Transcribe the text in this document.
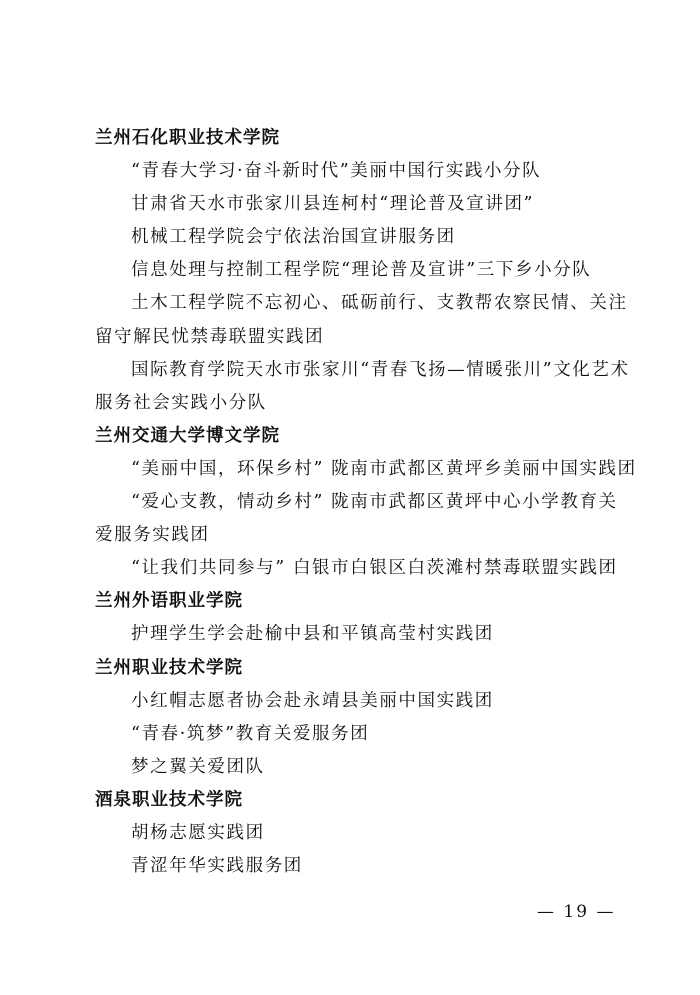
兰州石化职业技术学院
“青春大学习·奋斗新时代”美丽中国行实践小分队
甘肃省天水市张家川县连柯村“理论普及宣讲团”
机械工程学院会宁依法治国宣讲服务团
信息处理与控制工程学院“理论普及宣讲”三下乡小分队
土木工程学院不忘初心、砥砺前行、支教帮农察民情、关注留守解民忧禁毒联盟实践团
国际教育学院天水市张家川“青春飞扬—情暖张川”文化艺术服务社会实践小分队
兰州交通大学博文学院
“美丽中国，环保乡村” 陇南市武都区黄坪乡美丽中国实践团
“爱心支教，情动乡村” 陇南市武都区黄坪中心小学教育关爱服务实践团
“让我们共同参与” 白银市白银区白茨滩村禁毒联盟实践团
兰州外语职业学院
护理学生学会赴榆中县和平镇高莹村实践团
兰州职业技术学院
小红帽志愿者协会赴永靖县美丽中国实践团
“青春·筑梦”教育关爱服务团
梦之翼关爱团队
酒泉职业技术学院
胡杨志愿实践团
青涩年华实践服务团
— 19 —
